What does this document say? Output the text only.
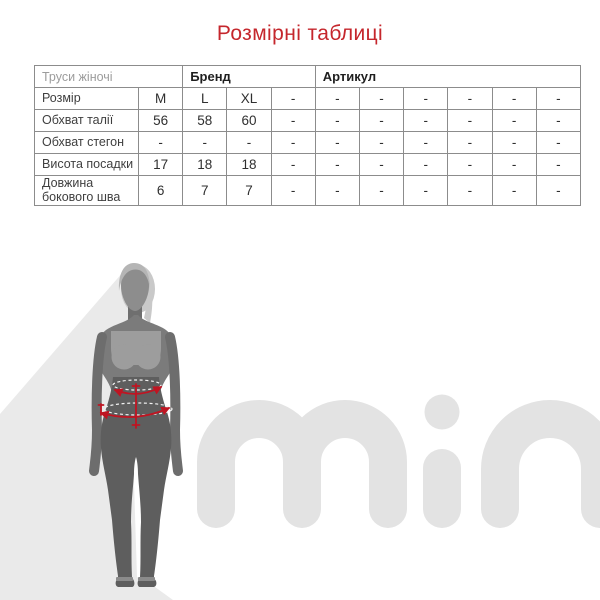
Розмірні таблиці
Труси жіночі		Бренд			Артикул					
Розмір	M	L	XL	-	-	-	-	-	-	-
Обхват талії	56	58	60	-	-	-	-	-	-	-
Обхват стегон	-	-	-	-	-	-	-	-	-	-
Висота посадки	17	18	18	-	-	-	-	-	-	-
Довжина бокового шва	6	7	7	-	-	-	-	-	-	-
